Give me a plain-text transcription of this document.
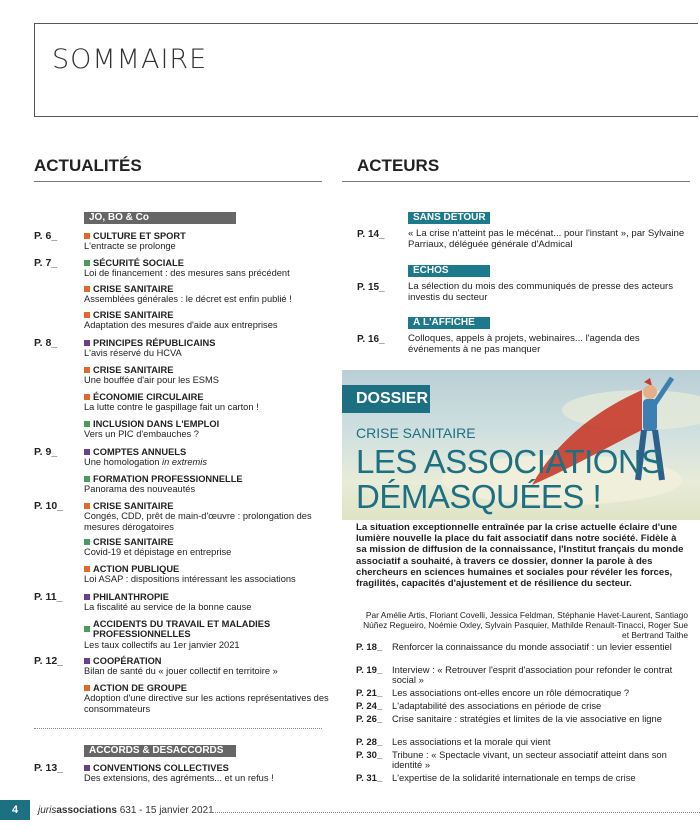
SOMMAIRE
ACTUALITÉS
JO, BO & Co
P. 6_	CULTURE ET SPORT
L'entracte se prolonge
P. 7_	SÉCURITÉ SOCIALE
Loi de financement : des mesures sans précédent
CRISE SANITAIRE
Assemblées générales : le décret est enfin publié !
CRISE SANITAIRE
Adaptation des mesures d'aide aux entreprises
P. 8_	PRINCIPES RÉPUBLICAINS
L'avis réservé du HCVA
CRISE SANITAIRE
Une bouffée d'air pour les ESMS
ÉCONOMIE CIRCULAIRE
La lutte contre le gaspillage fait un carton !
INCLUSION DANS L'EMPLOI
Vers un PIC d'embauches ?
P. 9_	COMPTES ANNUELS
Une homologation in extremis
FORMATION PROFESSIONNELLE
Panorama des nouveautés
P. 10_	CRISE SANITAIRE
Congés, CDD, prêt de main-d'œuvre : prolongation des mesures dérogatoires
CRISE SANITAIRE
Covid-19 et dépistage en entreprise
ACTION PUBLIQUE
Loi ASAP : dispositions intéressant les associations
P. 11_	PHILANTHROPIE
La fiscalité au service de la bonne cause
ACCIDENTS DU TRAVAIL ET MALADIES PROFESSIONNELLES
Les taux collectifs au 1er janvier 2021
P. 12_	COOPÉRATION
Bilan de santé du « jouer collectif en territoire »
ACTION DE GROUPE
Adoption d'une directive sur les actions représentatives des consommateurs
ACCORDS & DÉSACCORDS
P. 13_	CONVENTIONS COLLECTIVES
Des extensions, des agréments... et un refus !
ACTEURS
SANS DÉTOUR
P. 14_ « La crise n'atteint pas le mécénat... pour l'instant », par Sylvaine Parriaux, déléguée générale d'Admical
ÉCHOS
P. 15_ La sélection du mois des communiqués de presse des acteurs investis du secteur
À L'AFFICHE
P. 16_ Colloques, appels à projets, webinaires... l'agenda des événements à ne pas manquer
DOSSIER
CRISE SANITAIRE
LES ASSOCIATIONS
DÉMASQUÉES !
La situation exceptionnelle entraînée par la crise actuelle éclaire d'une lumière nouvelle la place du fait associatif dans notre société. Fidèle à sa mission de diffusion de la connaissance, l'Institut français du monde associatif a souhaité, à travers ce dossier, donner la parole à des chercheurs en sciences humaines et sociales pour révéler les forces, fragilités, capacités d'ajustement et de résilience du secteur.
Par Amélie Artis, Floriant Covelli, Jessica Feldman, Stéphanie Havet-Laurent, Santiago Núñez Regueiro, Noémie Oxley, Sylvain Pasquier, Mathilde Renault-Tinacci, Roger Sue et Bertrand Taithe
P. 18_ Renforcer la connaissance du monde associatif : un levier essentiel
P. 19_ Interview : « Retrouver l'esprit d'association pour refonder le contrat social »
P. 21_ Les associations ont-elles encore un rôle démocratique ?
P. 24_ L'adaptabilité des associations en période de crise
P. 26_ Crise sanitaire : stratégies et limites de la vie associative en ligne
P. 28_ Les associations et la morale qui vient
P. 30_ Tribune : « Spectacle vivant, un secteur associatif atteint dans son identité »
P. 31_ L'expertise de la solidarité internationale en temps de crise
4	jurisassociations 631 - 15 janvier 2021
